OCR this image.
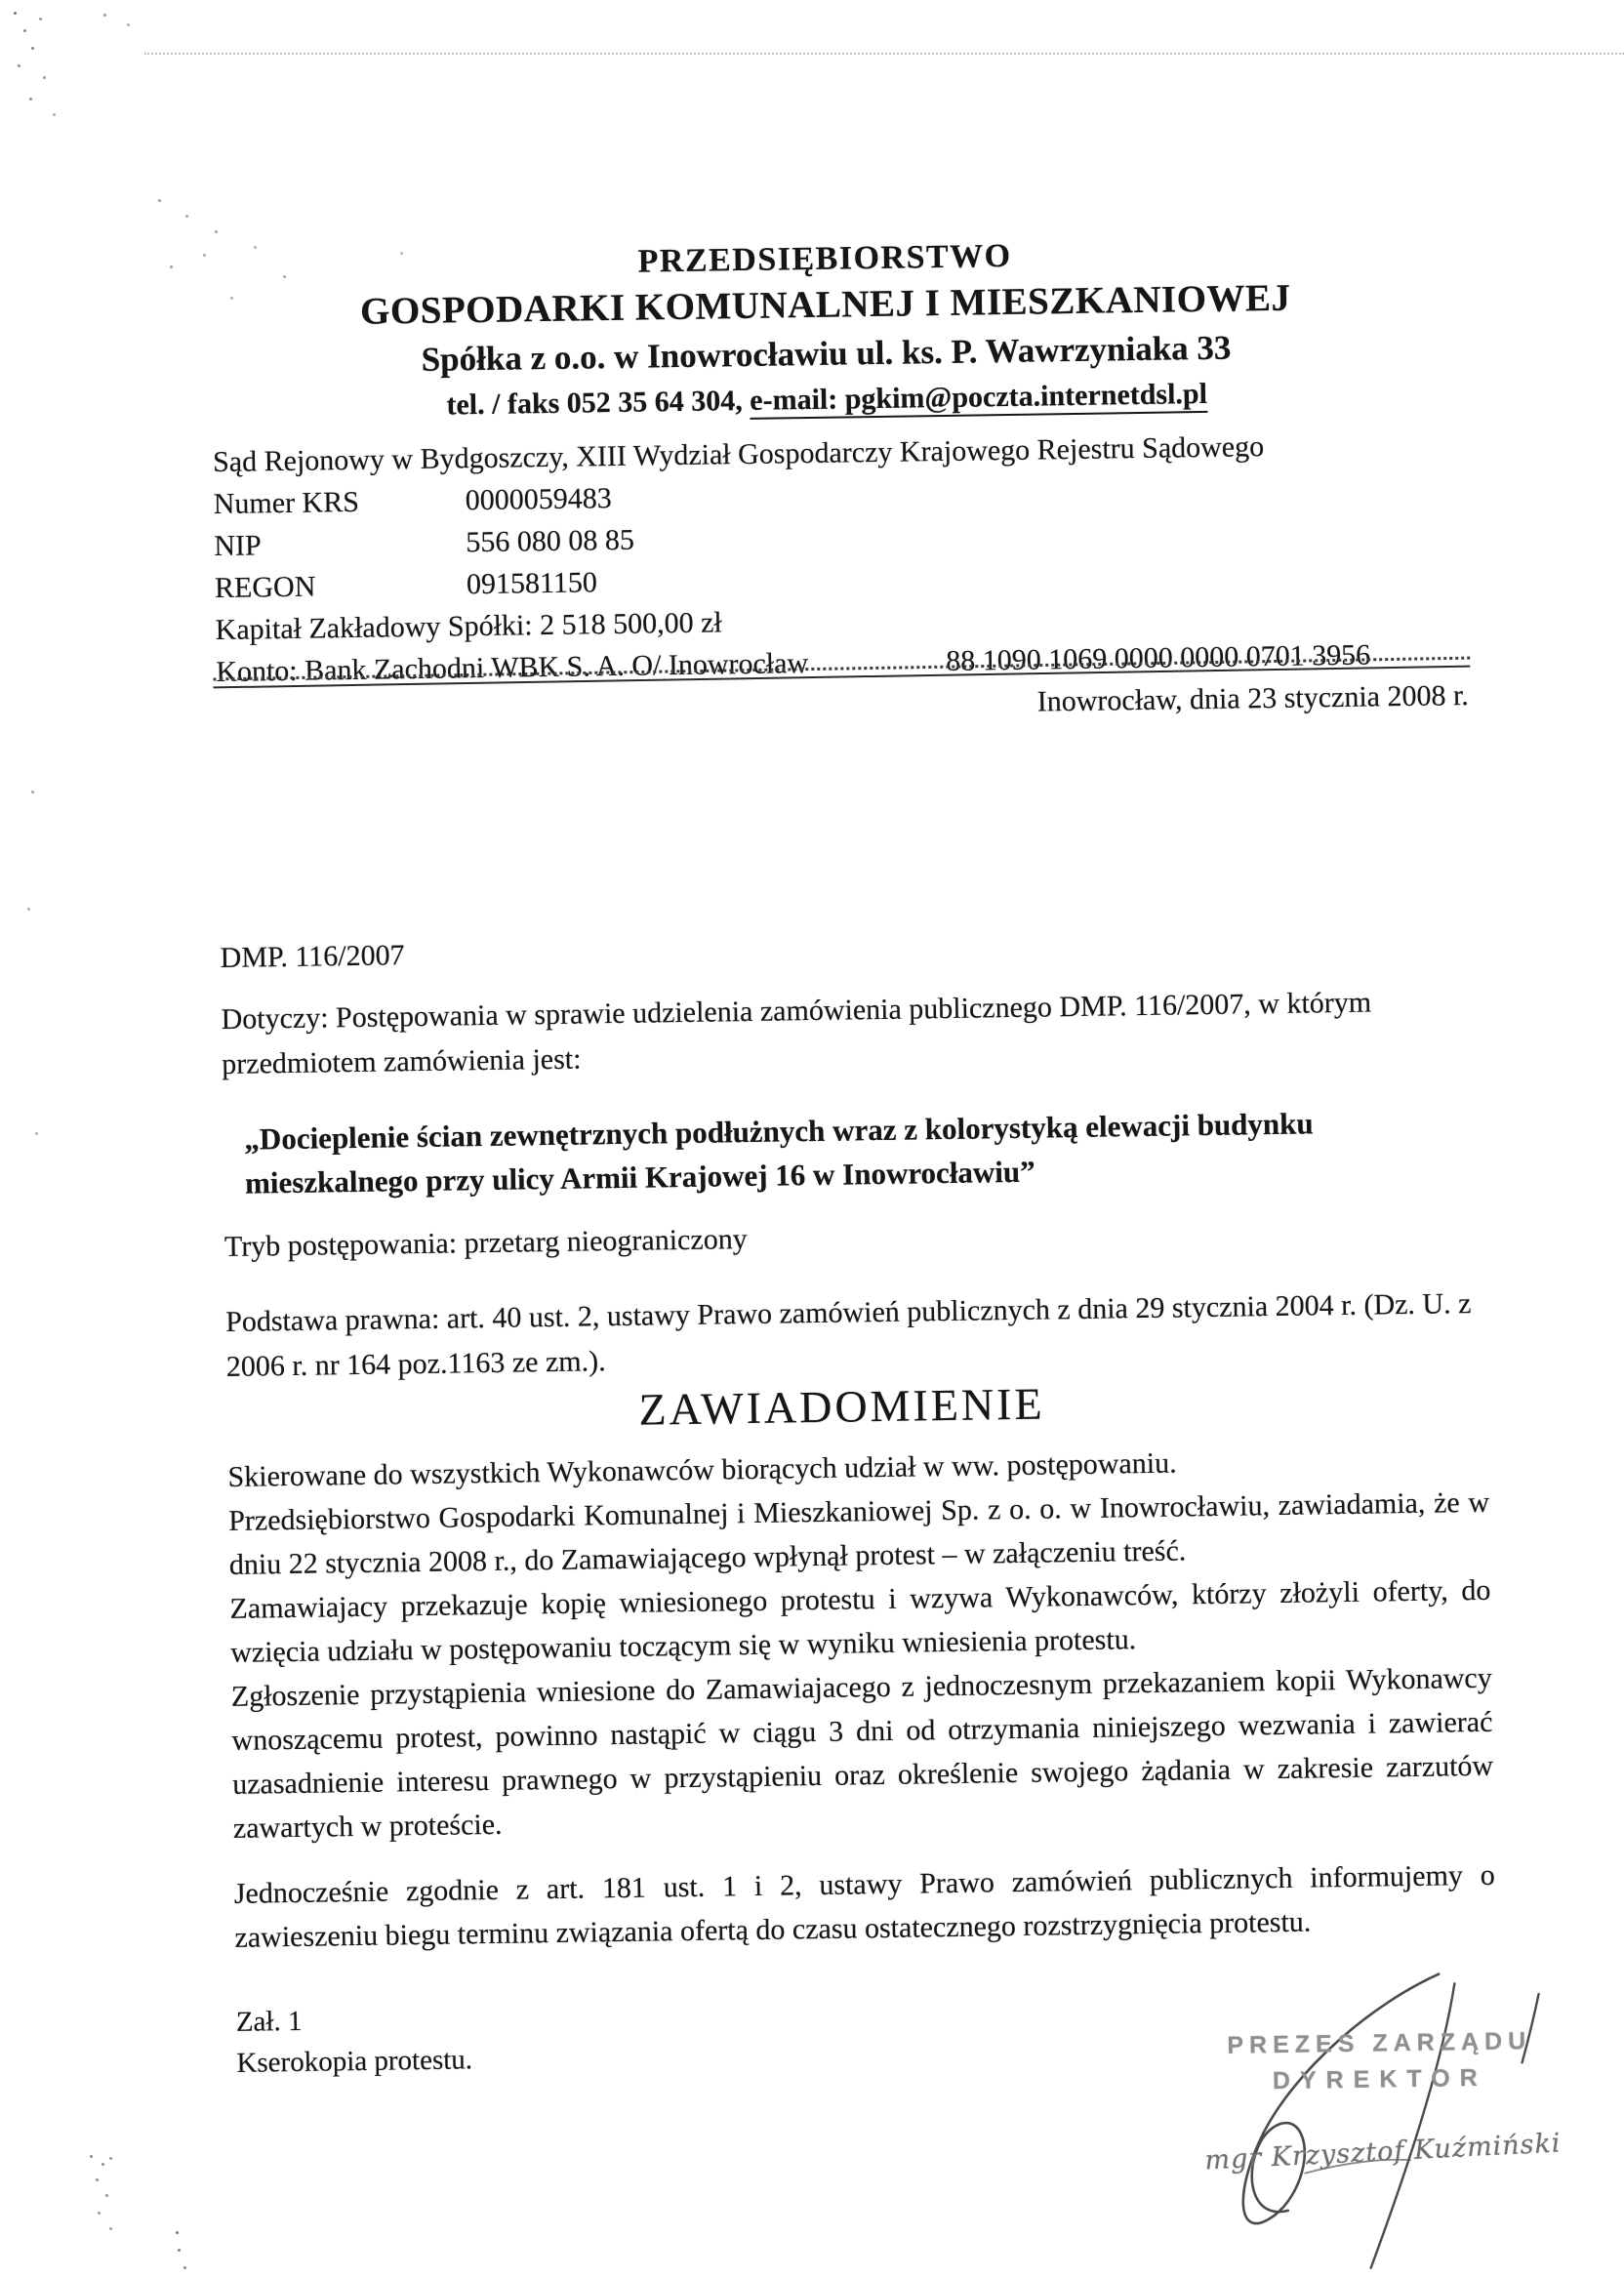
PRZEDSIĘBIORSTWO
GOSPODARKI KOMUNALNEJ I MIESZKANIOWEJ
Spółka z o.o. w Inowrocławiu ul. ks. P. Wawrzyniaka 33
tel. / faks 052 35 64 304, e-mail: pgkim@poczta.internetdsl.pl
Sąd Rejonowy w Bydgoszczy, XIII Wydział Gospodarczy Krajowego Rejestru Sądowego
Numer KRS	0000059483
NIP	556 080 08 85
REGON	091581150
Kapitał Zakładowy Spółki: 2 518 500,00 zł
Konto: Bank Zachodni WBK S. A. O/ Inowrocław	88 1090 1069 0000 0000 0701 3956
Inowrocław, dnia 23 stycznia 2008 r.
DMP. 116/2007
Dotyczy: Postępowania w sprawie udzielenia zamówienia publicznego DMP. 116/2007, w którym przedmiotem zamówienia jest:
„Docieplenie ścian zewnętrznych podłużnych wraz z kolorystyką elewacji budynku mieszkalnego przy ulicy Armii Krajowej 16 w Inowrocławiu”
Tryb postępowania: przetarg nieograniczony
Podstawa prawna: art. 40 ust. 2, ustawy Prawo zamówień publicznych z dnia 29 stycznia 2004 r. (Dz. U. z 2006 r. nr 164 poz.1163 ze zm.).
ZAWIADOMIENIE

Skierowane do wszystkich Wykonawców biorących udział w ww. postępowaniu.

Przedsiębiorstwo Gospodarki Komunalnej i Mieszkaniowej Sp. z o. o. w Inowrocławiu, zawiadamia, że w dniu 22 stycznia 2008 r., do Zamawiającego wpłynął protest – w załączeniu treść.

Zamawiajacy przekazuje kopię wniesionego protestu i wzywa Wykonawców, którzy złożyli oferty, do wzięcia udziału w postępowaniu toczącym się w wyniku wniesienia protestu.

Zgłoszenie przystąpienia wniesione do Zamawiajacego z jednoczesnym przekazaniem kopii Wykonawcy wnoszącemu protest, powinno nastąpić w ciągu 3 dni od otrzymania niniejszego wezwania i zawierać uzasadnienie interesu prawnego w przystąpieniu oraz określenie swojego żądania w zakresie zarzutów zawartych w proteście.

Jednocześnie zgodnie z art. 181 ust. 1 i 2, ustawy Prawo zamówień publicznych informujemy o zawieszeniu biegu terminu związania ofertą do czasu ostatecznego rozstrzygnięcia protestu.

Zał. 1
Kserokopia protestu.
PREZES ZARZĄDU
DYREKTOR
mgr Krzysztof Kuźmiński
